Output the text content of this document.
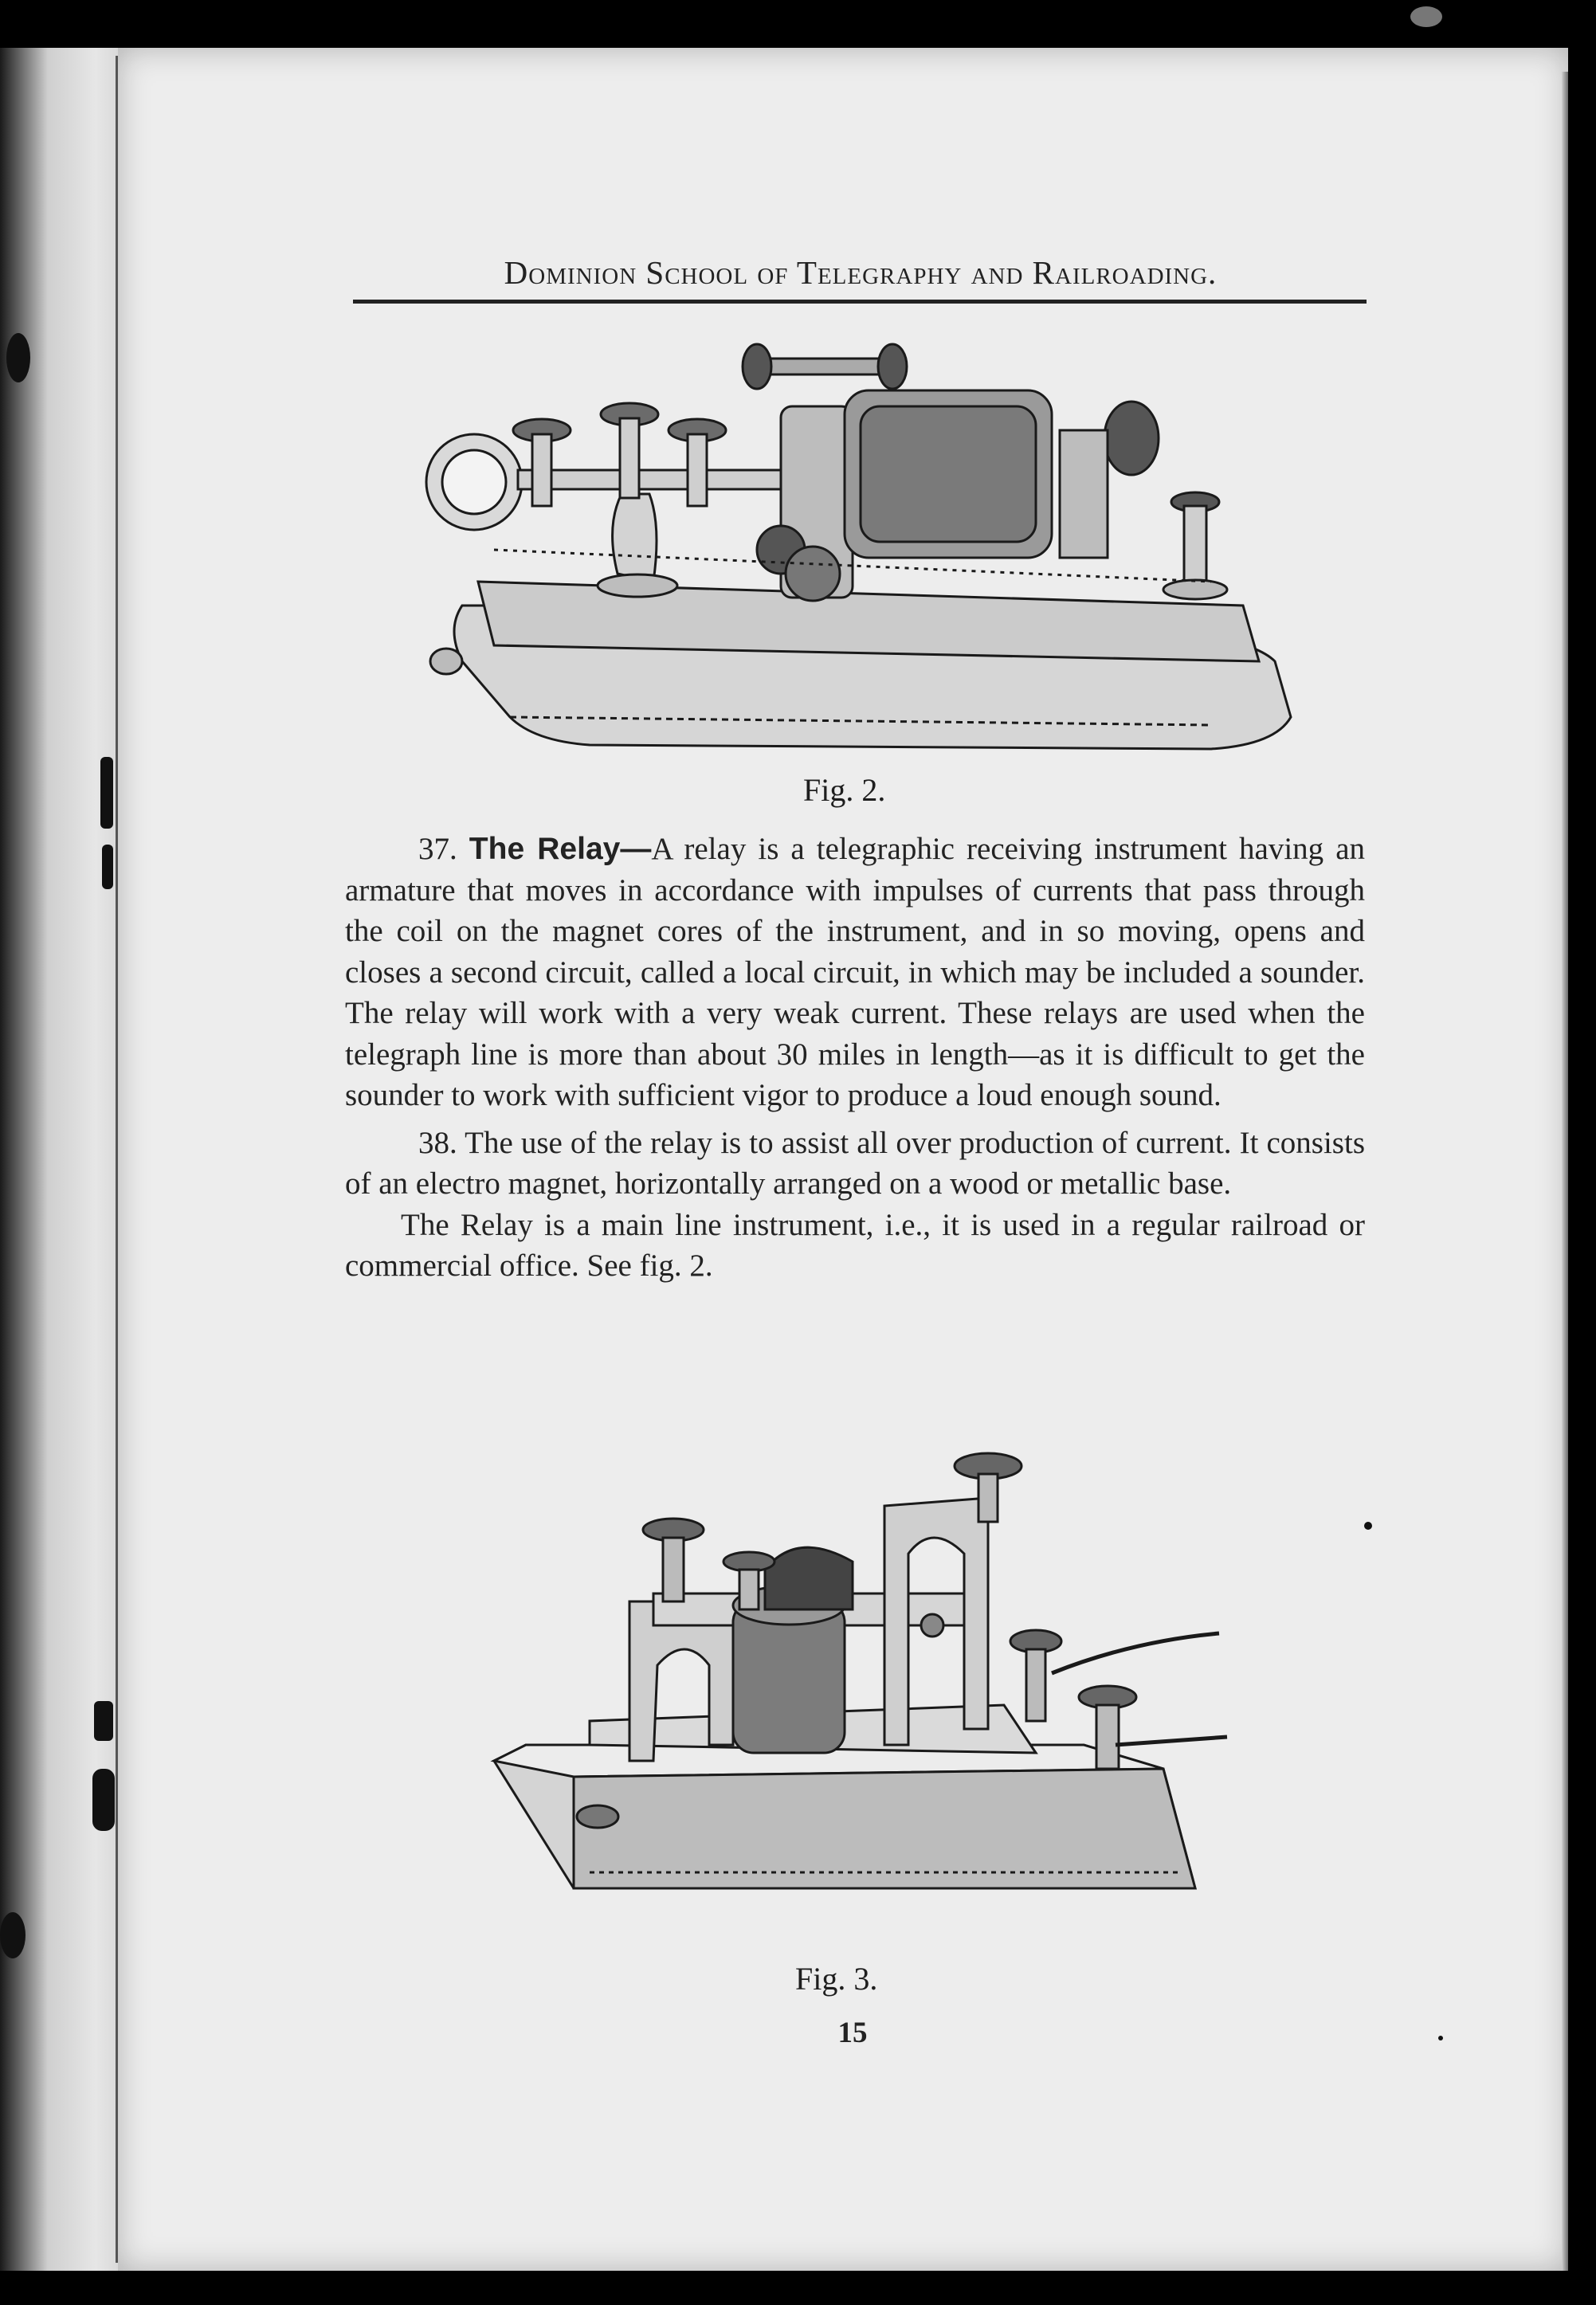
Dominion School of Telegraphy and Railroading.
Fig. 2.

37. The Relay—A relay is a telegraphic receiving instrument having an armature that moves in accordance with impulses of currents that pass through the coil on the magnet cores of the instrument, and in so moving, opens and closes a second circuit, called a local circuit, in which may be included a sounder. The relay will work with a very weak current. These relays are used when the telegraph line is more than about 30 miles in length—as it is difficult to get the sounder to work with sufficient vigor to produce a loud enough sound.

38. The use of the relay is to assist all over production of current. It consists of an electro magnet, horizontally arranged on a wood or metallic base.

The Relay is a main line instrument, i.e., it is used in a regular railroad or commercial office. See fig. 2.

Fig. 3.
15
